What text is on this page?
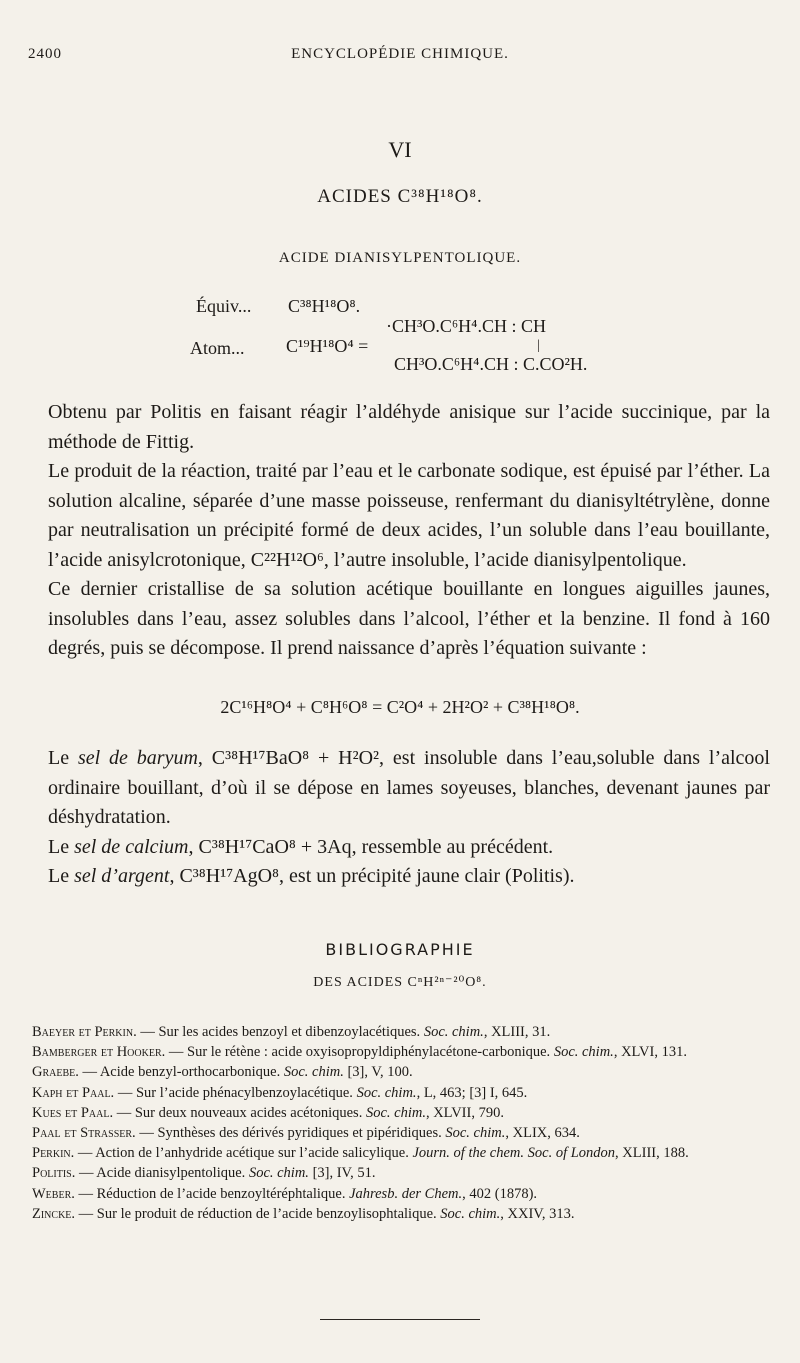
2400	ENCYCLOPÉDIE CHIMIQUE.
VI
ACIDES C³⁸H¹⁸O⁸.
ACIDE DIANISYLPENTOLIQUE.
Équiv... C³⁸H¹⁸O⁸.
·CH³O.C⁶H⁴.CH : CH
Atom... C¹⁹H¹⁸O⁴ =	|
CH³O.C⁶H⁴.CH : C.CO²H.

Obtenu par Politis en faisant réagir l’aldéhyde anisique sur l’acide succinique, par la méthode de Fittig.

Le produit de la réaction, traité par l’eau et le carbonate sodique, est épuisé par l’éther. La solution alcaline, séparée d’une masse poisseuse, renfermant du dianisyltétrylène, donne par neutralisation un précipité formé de deux acides, l’un soluble dans l’eau bouillante, l’acide anisylcrotonique, C²²H¹²O⁶, l’autre insoluble, l’acide dianisylpentolique.

Ce dernier cristallise de sa solution acétique bouillante en longues aiguilles jaunes, insolubles dans l’eau, assez solubles dans l’alcool, l’éther et la benzine. Il fond à 160 degrés, puis se décompose. Il prend naissance d’après l’équation suivante :

2C¹⁶H⁸O⁴ + C⁸H⁶O⁸ = C²O⁴ + 2H²O² + C³⁸H¹⁸O⁸.

Le sel de baryum, C³⁸H¹⁷BaO⁸ + H²O², est insoluble dans l’eau,soluble dans l’alcool ordinaire bouillant, d’où il se dépose en lames soyeuses, blanches, devenant jaunes par déshydratation.

Le sel de calcium, C³⁸H¹⁷CaO⁸ + 3Aq, ressemble au précédent.

Le sel d’argent, C³⁸H¹⁷AgO⁸, est un précipité jaune clair (Politis).

BIBLIOGRAPHIE
DES ACIDES CⁿH²ⁿ⁻²⁰O⁸.
Baeyer et Perkin. — Sur les acides benzoyl et dibenzoylacétiques. Soc. chim., XLIII, 31.
Bamberger et Hooker. — Sur le rétène : acide oxyisopropyldiphénylacétone-carbonique. Soc. chim., XLVI, 131.
Graebe. — Acide benzyl-orthocarbonique. Soc. chim. [3], V, 100.
Kaph et Paal. — Sur l’acide phénacylbenzoylacétique. Soc. chim., L, 463; [3] I, 645.
Kues et Paal. — Sur deux nouveaux acides acétoniques. Soc. chim., XLVII, 790.
Paal et Strasser. — Synthèses des dérivés pyridiques et pipéridiques. Soc. chim., XLIX, 634.
Perkin. — Action de l’anhydride acétique sur l’acide salicylique. Journ. of the chem. Soc. of London, XLIII, 188.
Politis. — Acide dianisylpentolique. Soc. chim. [3], IV, 51.
Weber. — Réduction de l’acide benzoyltéréphtalique. Jahresb. der Chem., 402 (1878).
Zincke. — Sur le produit de réduction de l’acide benzoylisophtalique. Soc. chim., XXIV, 313.
